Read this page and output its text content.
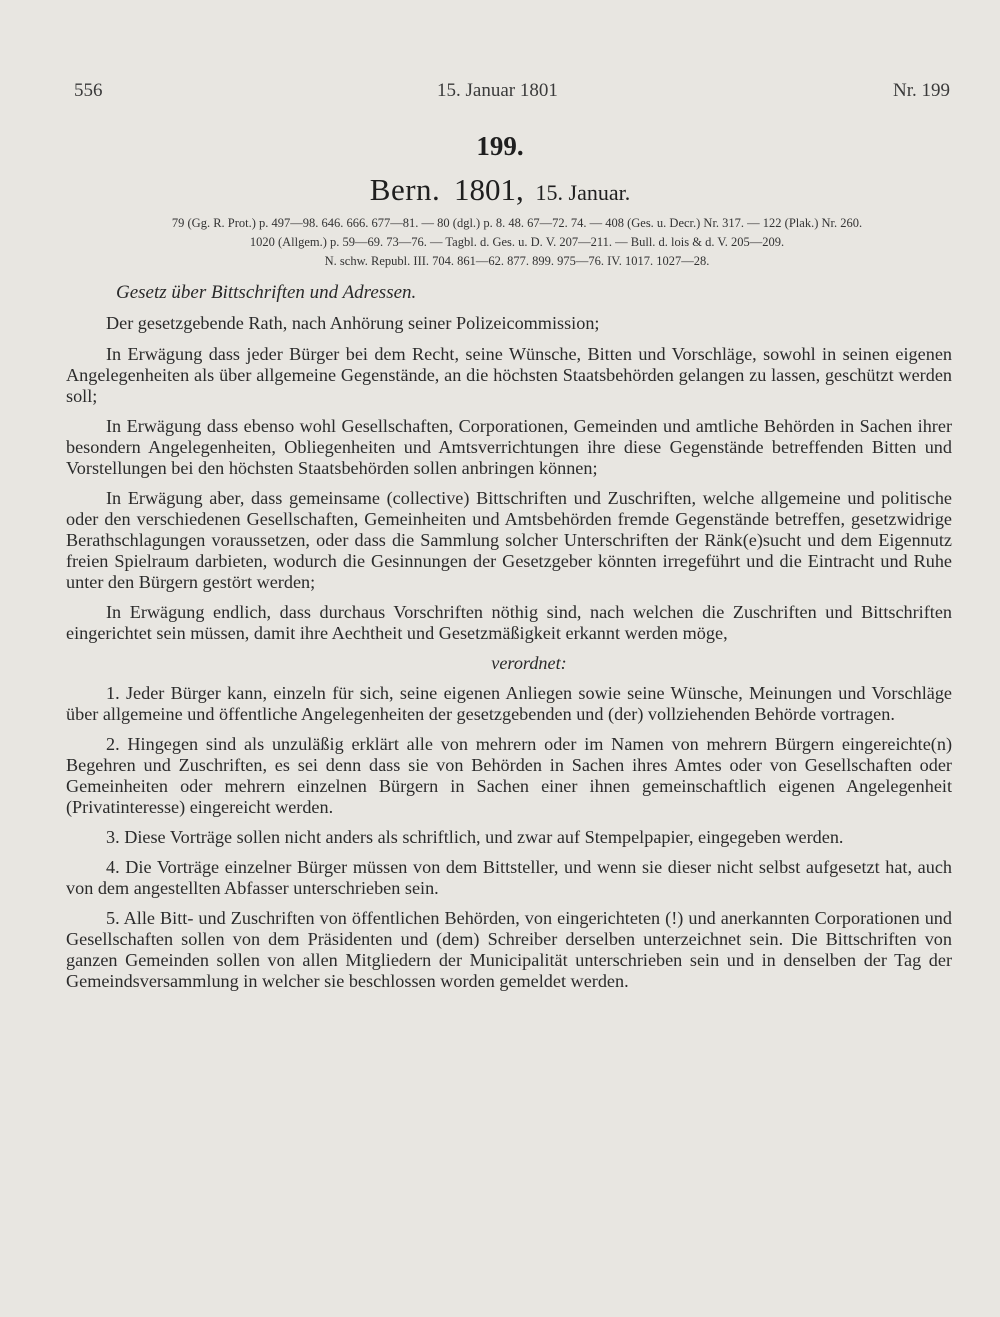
556	15. Januar 1801	Nr. 199
199.
Bern. 1801, 15. Januar.
79 (Gg. R. Prot.) p. 497—98. 646. 666. 677—81. — 80 (dgl.) p. 8. 48. 67—72. 74. — 408 (Ges. u. Decr.) Nr. 317. — 122 (Plak.) Nr. 260.
1020 (Allgem.) p. 59—69. 73—76. — Tagbl. d. Ges. u. D. V. 207—211. — Bull. d. lois & d. V. 205—209.
N. schw. Republ. III. 704. 861—62. 877. 899. 975—76. IV. 1017. 1027—28.
Gesetz über Bittschriften und Adressen.

Der gesetzgebende Rath, nach Anhörung seiner Polizeicommission;

In Erwägung dass jeder Bürger bei dem Recht, seine Wünsche, Bitten und Vorschläge, sowohl in seinen eigenen Angelegenheiten als über allgemeine Gegenstände, an die höchsten Staatsbehörden gelangen zu lassen, geschützt werden soll;

In Erwägung dass ebenso wohl Gesellschaften, Corporationen, Gemeinden und amtliche Behörden in Sachen ihrer besondern Angelegenheiten, Obliegenheiten und Amtsverrichtungen ihre diese Gegenstände betreffenden Bitten und Vorstellungen bei den höchsten Staatsbehörden sollen anbringen können;

In Erwägung aber, dass gemeinsame (collective) Bittschriften und Zuschriften, welche allgemeine und politische oder den verschiedenen Gesellschaften, Gemeinheiten und Amtsbehörden fremde Gegenstände betreffen, gesetzwidrige Berathschlagungen voraussetzen, oder dass die Sammlung solcher Unterschriften der Ränk(e)sucht und dem Eigennutz freien Spielraum darbieten, wodurch die Gesinnungen der Gesetzgeber könnten irregeführt und die Eintracht und Ruhe unter den Bürgern gestört werden;

In Erwägung endlich, dass durchaus Vorschriften nöthig sind, nach welchen die Zuschriften und Bittschriften eingerichtet sein müssen, damit ihre Aechtheit und Gesetzmäßigkeit erkannt werden möge,

verordnet:

1. Jeder Bürger kann, einzeln für sich, seine eigenen Anliegen sowie seine Wünsche, Meinungen und Vorschläge über allgemeine und öffentliche Angelegenheiten der gesetzgebenden und (der) vollziehenden Behörde vortragen.

2. Hingegen sind als unzuläßig erklärt alle von mehrern oder im Namen von mehrern Bürgern eingereichte(n) Begehren und Zuschriften, es sei denn dass sie von Behörden in Sachen ihres Amtes oder von Gesellschaften oder Gemeinheiten oder mehrern einzelnen Bürgern in Sachen einer ihnen gemeinschaftlich eigenen Angelegenheit (Privatinteresse) eingereicht werden.

3. Diese Vorträge sollen nicht anders als schriftlich, und zwar auf Stempelpapier, eingegeben werden.

4. Die Vorträge einzelner Bürger müssen von dem Bittsteller, und wenn sie dieser nicht selbst aufgesetzt hat, auch von dem angestellten Abfasser unterschrieben sein.

5. Alle Bitt- und Zuschriften von öffentlichen Behörden, von eingerichteten (!) und anerkannten Corporationen und Gesellschaften sollen von dem Präsidenten und (dem) Schreiber derselben unterzeichnet sein. Die Bittschriften von ganzen Gemeinden sollen von allen Mitgliedern der Municipalität unterschrieben sein und in denselben der Tag der Gemeindsversammlung in welcher sie beschlossen worden gemeldet werden.
